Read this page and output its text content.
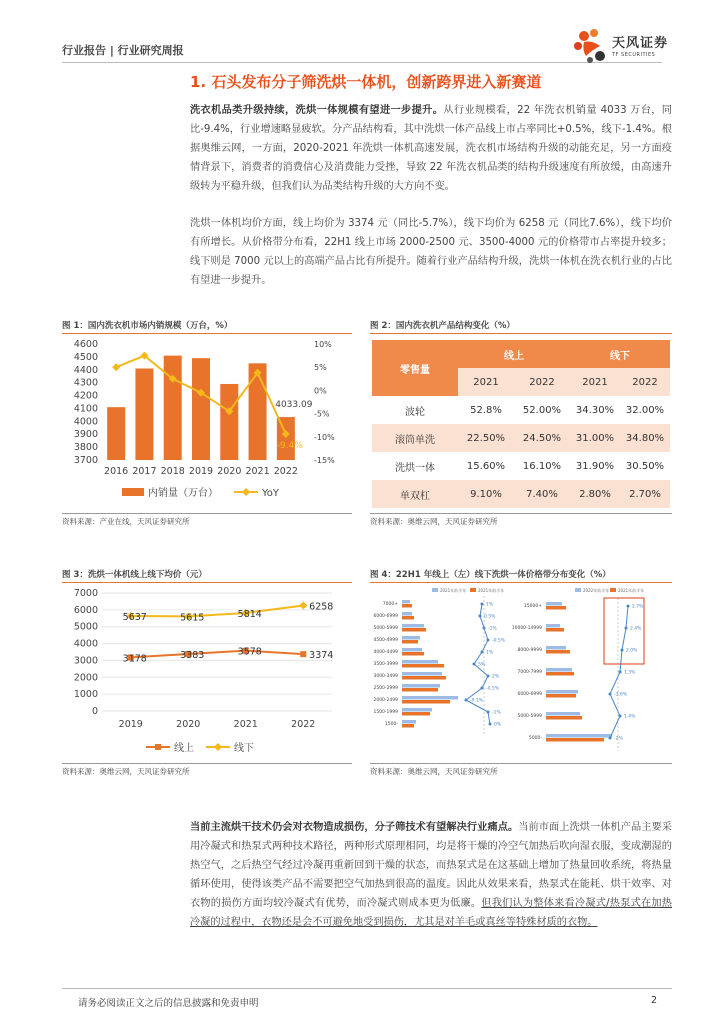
行业报告 | 行业研究周报	天风证券
TF SECURITIES
1. 石头发布分子筛洗烘一体机，创新跨界进入新赛道
洗衣机品类升级持续，洗烘一体规模有望进一步提升。从行业规模看，22 年洗衣机销量 4033 万台，同比-9.4%，行业增速略显疲软。分产品结构看，其中洗烘一体产品线上市占率同比+0.5%，线下-1.4%。根据奥维云网，一方面，2020-2021 年洗烘一体机高速发展，洗衣机市场结构升级的动能充足，另一方面疫情背景下，消费者的消费信心及消费能力受挫，导致 22 年洗衣机品类的结构升级速度有所放缓，由高速升级转为平稳升级，但我们认为品类结构升级的大方向不变。
洗烘一体机均价方面，线上均价为 3374 元（同比-5.7%），线下均价为 6258 元（同比7.6%），线下均价有所增长。从价格带分布看，22H1 线上市场 2000-2500 元、3500-4000 元的价格带市占率提升较多；线下则是 7000 元以上的高端产品占比有所提升。随着行业产品结构升级，洗烘一体机在洗衣机行业的占比有望进一步提升。
图 1：国内洗衣机市场内销规模（万台，%）
3700
3800
3900
4000
4100
4200
4300
4400
4500
4600	10%
5%
0%
-5%
-10%
-15%
2016 2017 2018 2019 2020 2021 2022
4033.09
-9.4%
内销量（万台）	YoY
资料来源：产业在线，天风证券研究所
图 2：国内洗衣机产品结构变化（%）
零售量	线上		线下	
	2021	2022	2021	2022
波轮	52.8%	52.00%	34.30%	32.00%
滚筒单洗	22.50%	24.50%	31.00%	34.80%
洗烘一体	15.60%	16.10%	31.90%	30.50%
单双杠	9.10%	7.40%	2.80%	2.70%
资料来源：奥维云网，天风证券研究所
图 3：洗烘一体机线上线下均价（元）
0
1000
2000
3000
4000
5000
6000
7000
2019	2020	2021	2022
3178	3383	3578	3374
5637	5615	5814
6258
线上	线下
资料来源：奥维云网，天风证券研究所
图 4：22H1 年线上（左）线下洗烘一体价格带分布变化（%）
2021年前半年	2021年前半年
7000+
6000-6999
5000-5999
4500-4999
4000-4499
3500-3999
3000-3499
2500-2999
2000-2499
1500-1999
1500-
1%
0.5%
-1%
-0.5%
1%
5%
2%
-0.5%
-9.1%
-1%
0%
2022年前半年 2021年前半年
15000+
10000-14999
8000-9999
7000-7999
6000-6999
5000-5999
5000-
2.7%
2.4%
2.0%
1.3%
-3.6%
1.4%
-2%
资料来源：奥维云网，天风证券研究所
当前主流烘干技术仍会对衣物造成损伤，分子筛技术有望解决行业痛点。当前市面上洗烘一体机产品主要采用冷凝式和热泵式两种技术路径，两种形式原理相同，均是将干燥的冷空气加热后吹向湿衣服，变成潮湿的热空气，之后热空气经过冷凝再重新回到干燥的状态，而热泵式是在这基础上增加了热量回收系统，将热量循环使用，使得该类产品不需要把空气加热到很高的温度。因此从效果来看，热泵式在能耗、烘干效率、对衣物的损伤方面均较冷凝式有优势，而冷凝式则成本更为低廉。但我们认为整体来看冷凝式/热泵式在加热冷凝的过程中，衣物还是会不可避免地受到损伤，尤其是对羊毛或真丝等特殊材质的衣物。
请务必阅读正文之后的信息披露和免责申明	2
